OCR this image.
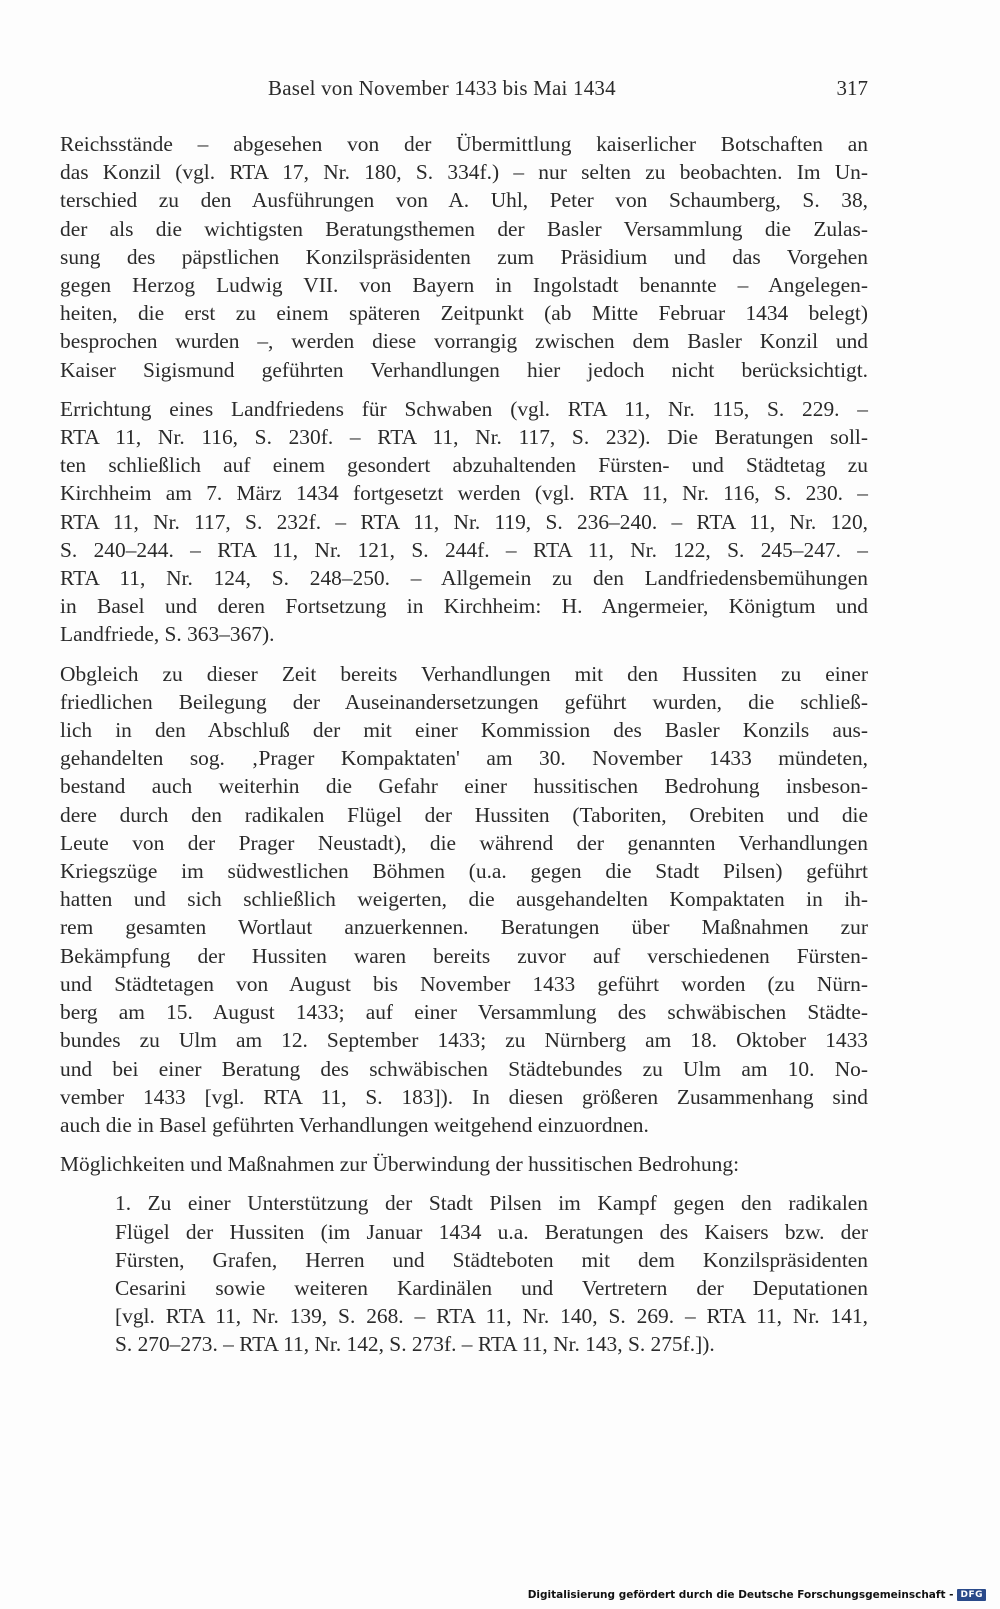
Basel von November 1433 bis Mai 1434	317

Reichsstände – abgesehen von der Übermittlung kaiserlicher Botschaften an
das Konzil (vgl. RTA 17, Nr. 180, S. 334f.) – nur selten zu beobachten. Im Un-
terschied zu den Ausführungen von A. Uhl, Peter von Schaumberg, S. 38,
der als die wichtigsten Beratungsthemen der Basler Versammlung die Zulas-
sung des päpstlichen Konzilspräsidenten zum Präsidium und das Vorgehen
gegen Herzog Ludwig VII. von Bayern in Ingolstadt benannte – Angelegen-
heiten, die erst zu einem späteren Zeitpunkt (ab Mitte Februar 1434 belegt)
besprochen wurden –, werden diese vorrangig zwischen dem Basler Konzil und
Kaiser Sigismund geführten Verhandlungen hier jedoch nicht berücksichtigt.

Errichtung eines Landfriedens für Schwaben (vgl. RTA 11, Nr. 115, S. 229. –
RTA 11, Nr. 116, S. 230f. – RTA 11, Nr. 117, S. 232). Die Beratungen soll-
ten schließlich auf einem gesondert abzuhaltenden Fürsten- und Städtetag zu
Kirchheim am 7. März 1434 fortgesetzt werden (vgl. RTA 11, Nr. 116, S. 230. –
RTA 11, Nr. 117, S. 232f. – RTA 11, Nr. 119, S. 236–240. – RTA 11, Nr. 120,
S. 240–244. – RTA 11, Nr. 121, S. 244f. – RTA 11, Nr. 122, S. 245–247. –
RTA 11, Nr. 124, S. 248–250. – Allgemein zu den Landfriedensbemühungen
in Basel und deren Fortsetzung in Kirchheim: H. Angermeier, Königtum und
Landfriede, S. 363–367).

Obgleich zu dieser Zeit bereits Verhandlungen mit den Hussiten zu einer
friedlichen Beilegung der Auseinandersetzungen geführt wurden, die schließ-
lich in den Abschluß der mit einer Kommission des Basler Konzils aus-
gehandelten sog. ‚Prager Kompaktaten' am 30. November 1433 mündeten,
bestand auch weiterhin die Gefahr einer hussitischen Bedrohung insbeson-
dere durch den radikalen Flügel der Hussiten (Taboriten, Orebiten und die
Leute von der Prager Neustadt), die während der genannten Verhandlungen
Kriegszüge im südwestlichen Böhmen (u.a. gegen die Stadt Pilsen) geführt
hatten und sich schließlich weigerten, die ausgehandelten Kompaktaten in ih-
rem gesamten Wortlaut anzuerkennen. Beratungen über Maßnahmen zur
Bekämpfung der Hussiten waren bereits zuvor auf verschiedenen Fürsten-
und Städtetagen von August bis November 1433 geführt worden (zu Nürn-
berg am 15. August 1433; auf einer Versammlung des schwäbischen Städte-
bundes zu Ulm am 12. September 1433; zu Nürnberg am 18. Oktober 1433
und bei einer Beratung des schwäbischen Städtebundes zu Ulm am 10. No-
vember 1433 [vgl. RTA 11, S. 183]). In diesen größeren Zusammenhang sind
auch die in Basel geführten Verhandlungen weitgehend einzuordnen.

Möglichkeiten und Maßnahmen zur Überwindung der hussitischen Bedrohung:

1. Zu einer Unterstützung der Stadt Pilsen im Kampf gegen den radikalen
Flügel der Hussiten (im Januar 1434 u.a. Beratungen des Kaisers bzw. der
Fürsten, Grafen, Herren und Städteboten mit dem Konzilspräsidenten
Cesarini sowie weiteren Kardinälen und Vertretern der Deputationen
[vgl. RTA 11, Nr. 139, S. 268. – RTA 11, Nr. 140, S. 269. – RTA 11, Nr. 141,
S. 270–273. – RTA 11, Nr. 142, S. 273f. – RTA 11, Nr. 143, S. 275f.]).

Digitalisierung gefördert durch die Deutsche Forschungsgemeinschaft - DFG
